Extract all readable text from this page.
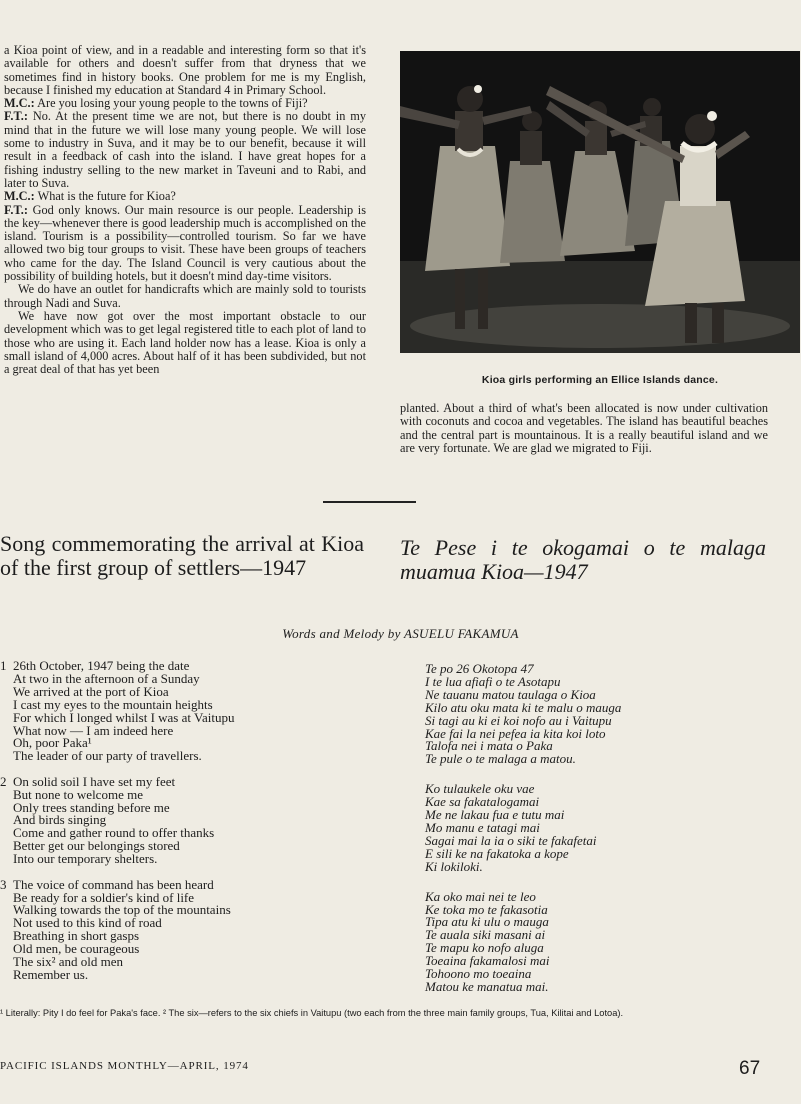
a Kioa point of view, and in a readable and interesting form so that it's available for others and doesn't suffer from that dryness that we sometimes find in history books. One problem for me is my English, because I finished my education at Standard 4 in Primary School.

M.C.: Are you losing your young people to the towns of Fiji?

F.T.: No. At the present time we are not, but there is no doubt in my mind that in the future we will lose many young people. We will lose some to industry in Suva, and it may be to our benefit, because it will result in a feedback of cash into the island. I have great hopes for a fishing industry selling to the new market in Taveuni and to Rabi, and later to Suva.

M.C.: What is the future for Kioa?

F.T.: God only knows. Our main resource is our people. Leadership is the key—whenever there is good leadership much is accomplished on the island. Tourism is a possibility—controlled tourism. So far we have allowed two big tour groups to visit. These have been groups of teachers who came for the day. The Island Council is very cautious about the possibility of building hotels, but it doesn't mind day-time visitors.

We do have an outlet for handicrafts which are mainly sold to tourists through Nadi and Suva.

We have now got over the most important obstacle to our development which was to get legal registered title to each plot of land to those who are using it. Each land holder now has a lease. Kioa is only a small island of 4,000 acres. About half of it has been subdivided, but not a great deal of that has yet been

Kioa girls performing an Ellice Islands dance.

planted. About a third of what's been allocated is now under cultivation with coconuts and cocoa and vegetables. The island has beautiful beaches and the central part is mountainous. It is a really beautiful island and we are very fortunate. We are glad we migrated to Fiji.

Song commemorating the arrival at Kioa of the first group of settlers—1947
Te Pese i te okogamai o te malaga muamua Kioa—1947
Words and Melody by ASUELU FAKAMUA
1 26th October, 1947 being the date
At two in the afternoon of a Sunday
We arrived at the port of Kioa
I cast my eyes to the mountain heights
For which I longed whilst I was at Vaitupu
What now — I am indeed here
Oh, poor Paka¹
The leader of our party of travellers.
2 On solid soil I have set my feet
But none to welcome me
Only trees standing before me
And birds singing
Come and gather round to offer thanks
Better get our belongings stored
Into our temporary shelters.
3 The voice of command has been heard
Be ready for a soldier's kind of life
Walking towards the top of the mountains
Not used to this kind of road
Breathing in short gasps
Old men, be courageous
The six² and old men
Remember us.
Te po 26 Okotopa 47
I te lua afiafi o te Asotapu
Ne tauanu matou taulaga o Kioa
Kilo atu oku mata ki te malu o mauga
Si tagi au ki ei koi nofo au i Vaitupu
Kae fai la nei pefea ia kita koi loto
Talofa nei i mata o Paka
Te pule o te malaga a matou.
Ko tulaukele oku vae
Kae sa fakatalogamai
Me ne lakau fua e tutu mai
Mo manu e tatagi mai
Sagai mai la ia o siki te fakafetai
E sili ke na fakatoka a kope
Ki lokiloki.
Ka oko mai nei te leo
Ke toka mo te fakasotia
Tipa atu ki ulu o mauga
Te auala siki masani ai
Te mapu ko nofo aluga
Toeaina fakamalosi mai
Tohoono mo toeaina
Matou ke manatua mai.
¹ Literally: Pity I do feel for Paka's face. ² The six—refers to the six chiefs in Vaitupu (two each from the three main family groups, Tua, Kilitai and Lotoa).
PACIFIC ISLANDS MONTHLY—APRIL, 1974	67
